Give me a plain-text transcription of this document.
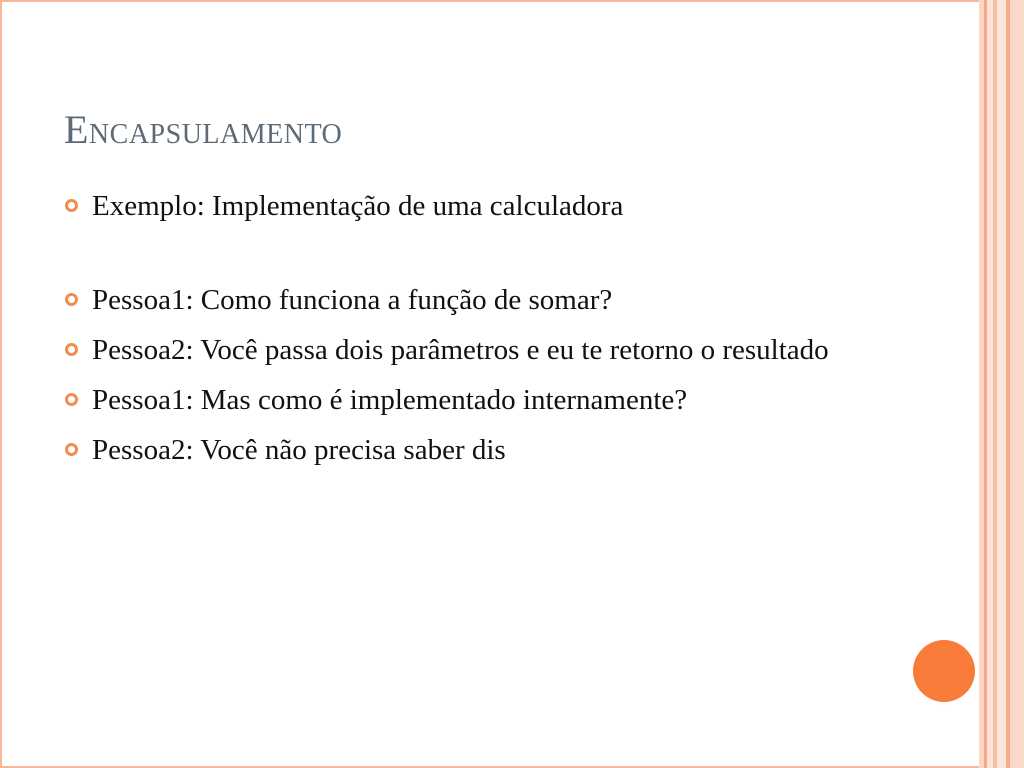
Encapsulamento
Exemplo: Implementação de uma calculadora
Pessoa1: Como funciona a função de somar?
Pessoa2: Você passa dois parâmetros e eu te retorno o resultado
Pessoa1: Mas como é implementado internamente?
Pessoa2: Você não precisa saber dis
